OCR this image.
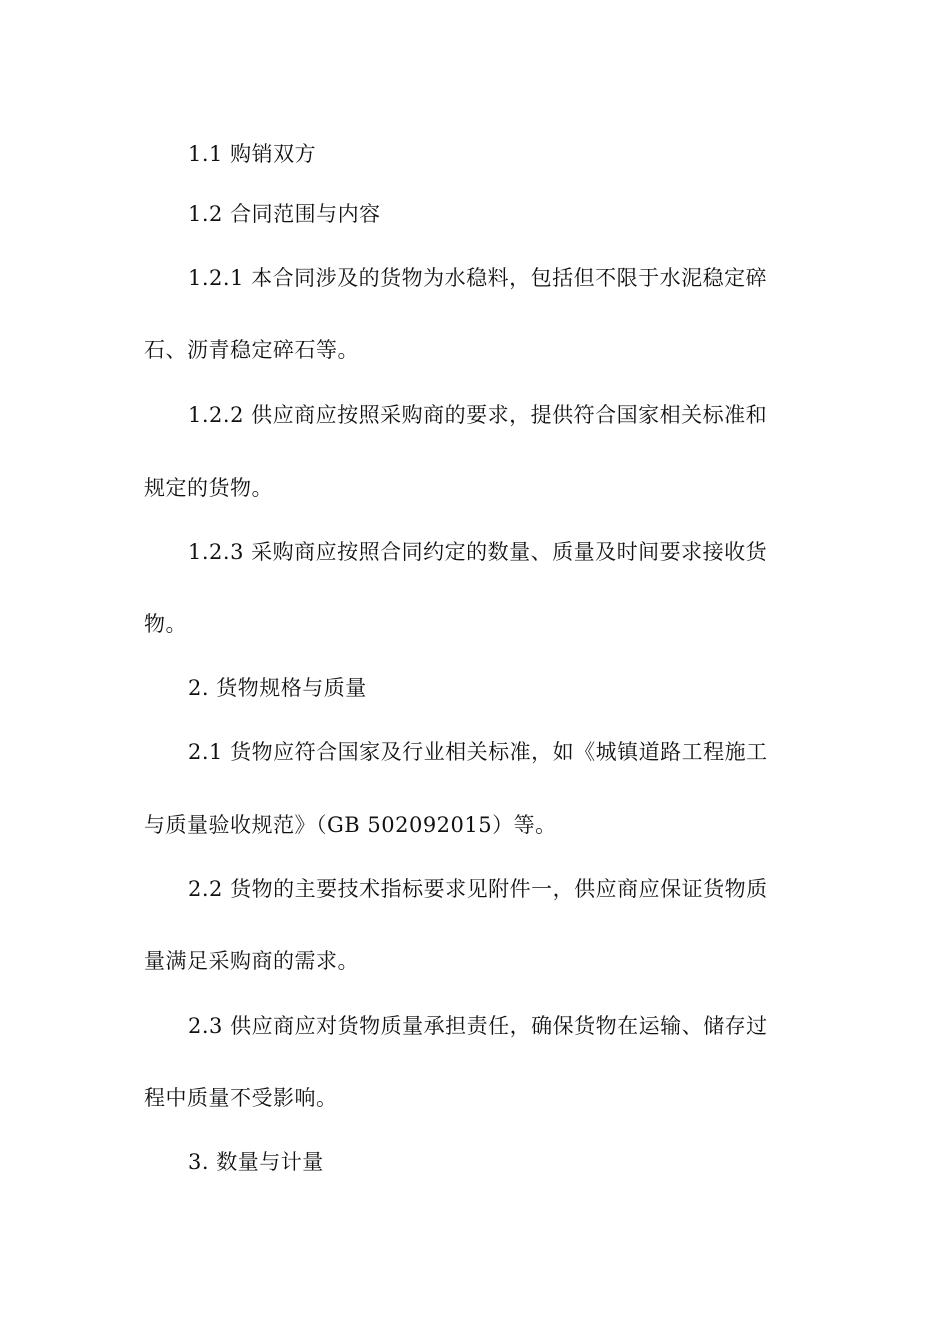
1.1 购销双方
1.2 合同范围与内容
1.2.1 本合同涉及的货物为水稳料，包括但不限于水泥稳定碎
石、沥青稳定碎石等。
1.2.2 供应商应按照采购商的要求，提供符合国家相关标准和
规定的货物。
1.2.3 采购商应按照合同约定的数量、质量及时间要求接收货
物。
2. 货物规格与质量
2.1 货物应符合国家及行业相关标准，如《城镇道路工程施工
与质量验收规范》（GB 502092015）等。
2.2 货物的主要技术指标要求见附件一，供应商应保证货物质
量满足采购商的需求。
2.3 供应商应对货物质量承担责任，确保货物在运输、储存过
程中质量不受影响。
3. 数量与计量
